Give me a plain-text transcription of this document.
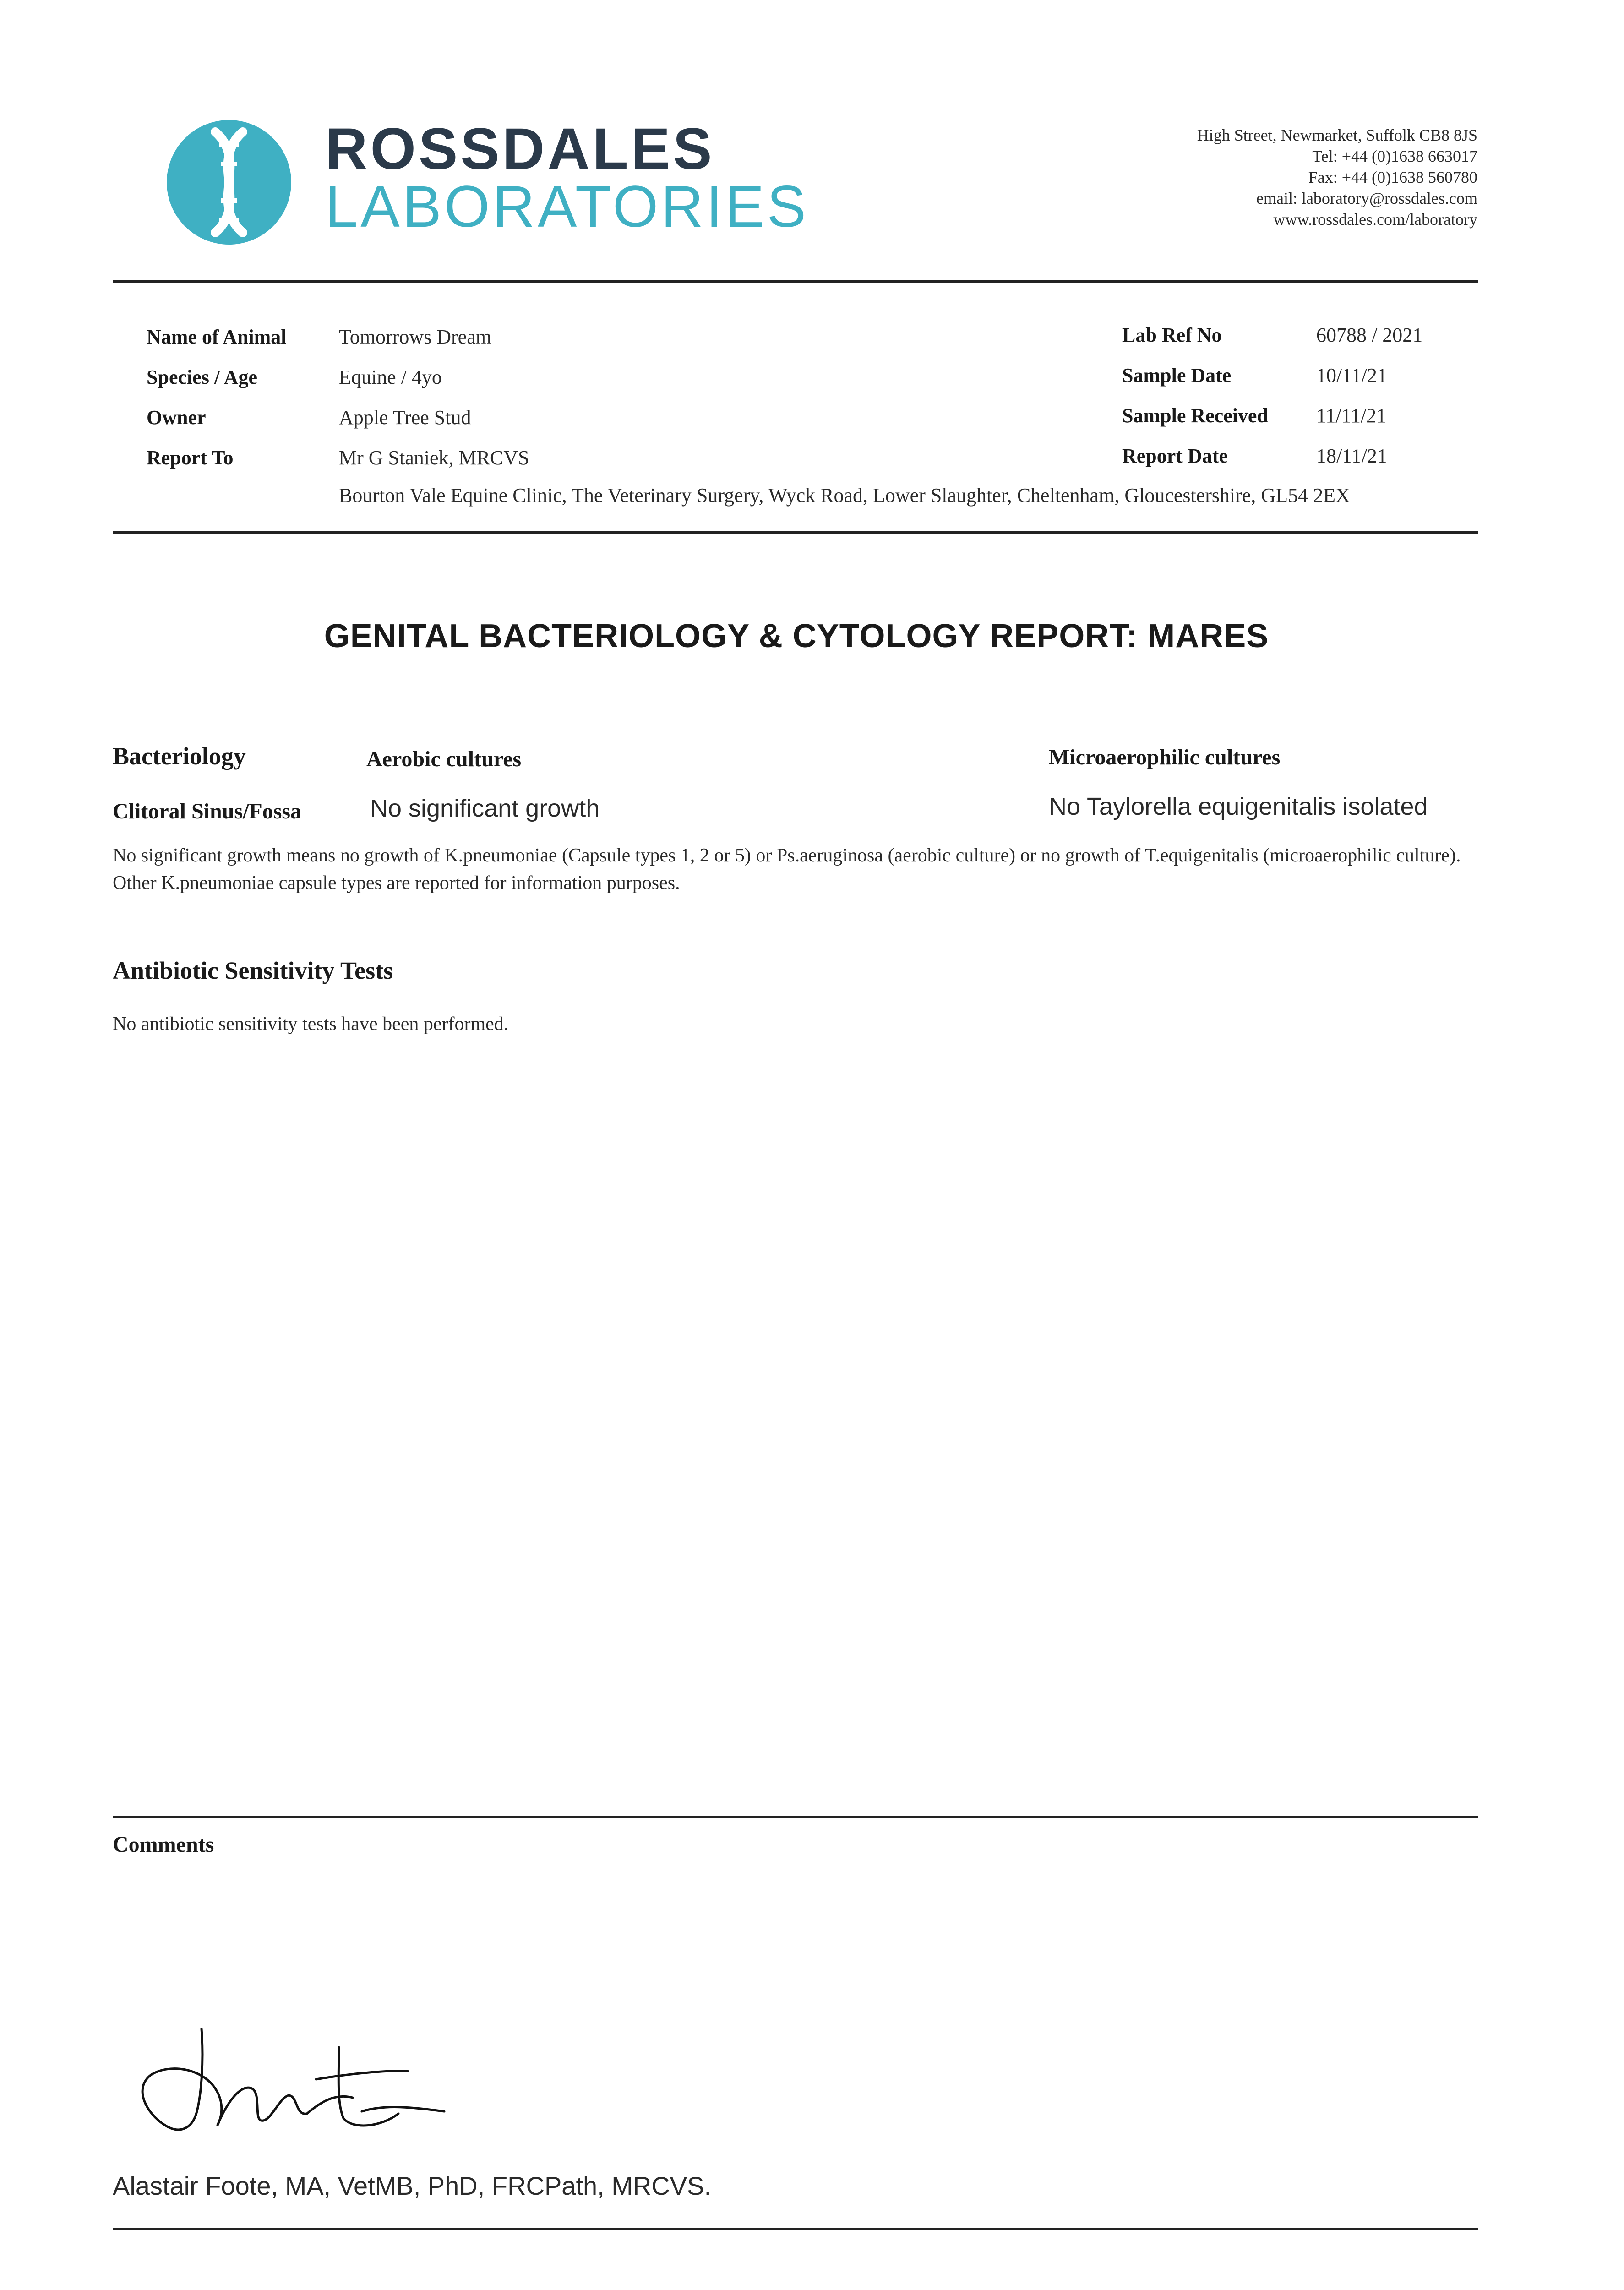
ROSSDALES
LABORATORIES
High Street, Newmarket, Suffolk CB8 8JS
Tel: +44 (0)1638 663017
Fax: +44 (0)1638 560780
email: laboratory@rossdales.com
www.rossdales.com/laboratory
Name of Animal	Tomorrows Dream
Species / Age	Equine / 4yo
Owner	Apple Tree Stud
Report To	Mr G Staniek, MRCVS
Bourton Vale Equine Clinic, The Veterinary Surgery, Wyck Road, Lower Slaughter, Cheltenham, Gloucestershire, GL54 2EX
Lab Ref No	60788 / 2021
Sample Date	10/11/21
Sample Received 11/11/21
Report Date	18/11/21
GENITAL BACTERIOLOGY & CYTOLOGY REPORT: MARES
Bacteriology	Aerobic cultures	Microaerophilic cultures
Clitoral Sinus/Fossa	No significant growth	No Taylorella equigenitalis isolated
No significant growth means no growth of K.pneumoniae (Capsule types 1, 2 or 5) or Ps.aeruginosa (aerobic culture) or no growth of T.equigenitalis (microaerophilic culture). Other K.pneumoniae capsule types are reported for information purposes.
Antibiotic Sensitivity Tests
No antibiotic sensitivity tests have been performed.
Comments
Alastair Foote, MA, VetMB, PhD, FRCPath, MRCVS.
